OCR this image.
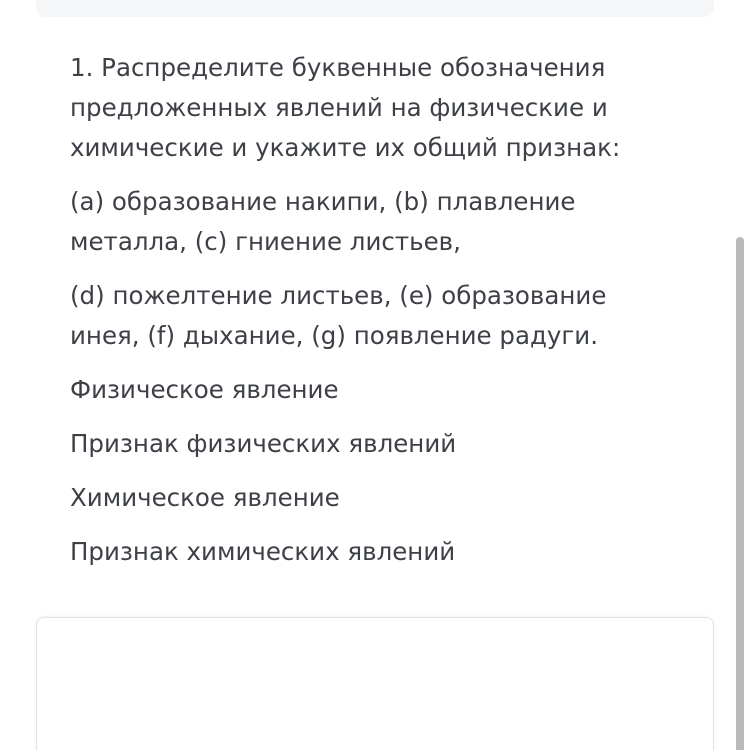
1. Распределите буквенные обозначения предложенных явлений на физические и химические и укажите их общий признак:

(a) образование накипи, (b) плавление металла, (c) гниение листьев,

(d) пожелтение листьев, (e) образование инея, (f) дыхание, (g) появление радуги.

Физическое явление

Признак физических явлений

Химическое явление

Признак химических явлений
